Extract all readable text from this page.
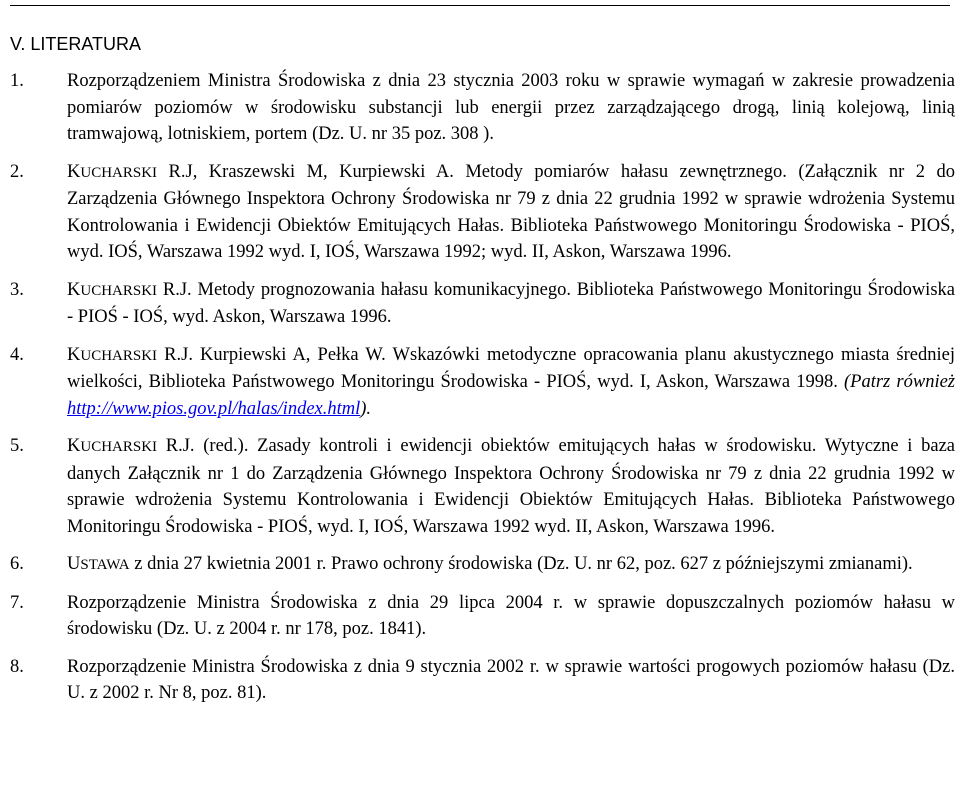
V. LITERATURA
1. Rozporządzeniem Ministra Środowiska z dnia 23 stycznia 2003 roku w sprawie wymagań w zakresie prowadzenia pomiarów poziomów w środowisku substancji lub energii przez zarządzającego drogą, linią kolejową, linią tramwajową, lotniskiem, portem (Dz. U. nr 35 poz. 308 ).
2. KUCHARSKI R.J, Kraszewski M, Kurpiewski A. Metody pomiarów hałasu zewnętrznego. (Załącznik nr 2 do Zarządzenia Głównego Inspektora Ochrony Środowiska nr 79 z dnia 22 grudnia 1992 w sprawie wdrożenia Systemu Kontrolowania i Ewidencji Obiektów Emitujących Hałas. Biblioteka Państwowego Monitoringu Środowiska - PIOŚ, wyd. IOŚ, Warszawa 1992 wyd. I, IOŚ, Warszawa 1992; wyd. II, Askon, Warszawa 1996.
3. KUCHARSKI R.J. Metody prognozowania hałasu komunikacyjnego. Biblioteka Państwowego Monitoringu Środowiska - PIOŚ - IOŚ, wyd. Askon, Warszawa 1996.
4. KUCHARSKI R.J. Kurpiewski A, Pełka W. Wskazówki metodyczne opracowania planu akustycznego miasta średniej wielkości, Biblioteka Państwowego Monitoringu Środowiska - PIOŚ, wyd. I, Askon, Warszawa 1998. (Patrz również http://www.pios.gov.pl/halas/index.html).
5. KUCHARSKI R.J. (red.). Zasady kontroli i ewidencji obiektów emitujących hałas w środowisku. Wytyczne i baza danych Załącznik nr 1 do Zarządzenia Głównego Inspektora Ochrony Środowiska nr 79 z dnia 22 grudnia 1992 w sprawie wdrożenia Systemu Kontrolowania i Ewidencji Obiektów Emitujących Hałas. Biblioteka Państwowego Monitoringu Środowiska - PIOŚ, wyd. I, IOŚ, Warszawa 1992 wyd. II, Askon, Warszawa 1996.
6. USTAWA z dnia 27 kwietnia 2001 r. Prawo ochrony środowiska (Dz. U. nr 62, poz. 627 z późniejszymi zmianami).
7. Rozporządzenie Ministra Środowiska z dnia 29 lipca 2004 r. w sprawie dopuszczalnych poziomów hałasu w środowisku (Dz. U. z 2004 r. nr 178, poz. 1841).
8. Rozporządzenie Ministra Środowiska z dnia 9 stycznia 2002 r. w sprawie wartości progowych poziomów hałasu (Dz. U. z 2002 r. Nr 8, poz. 81).
